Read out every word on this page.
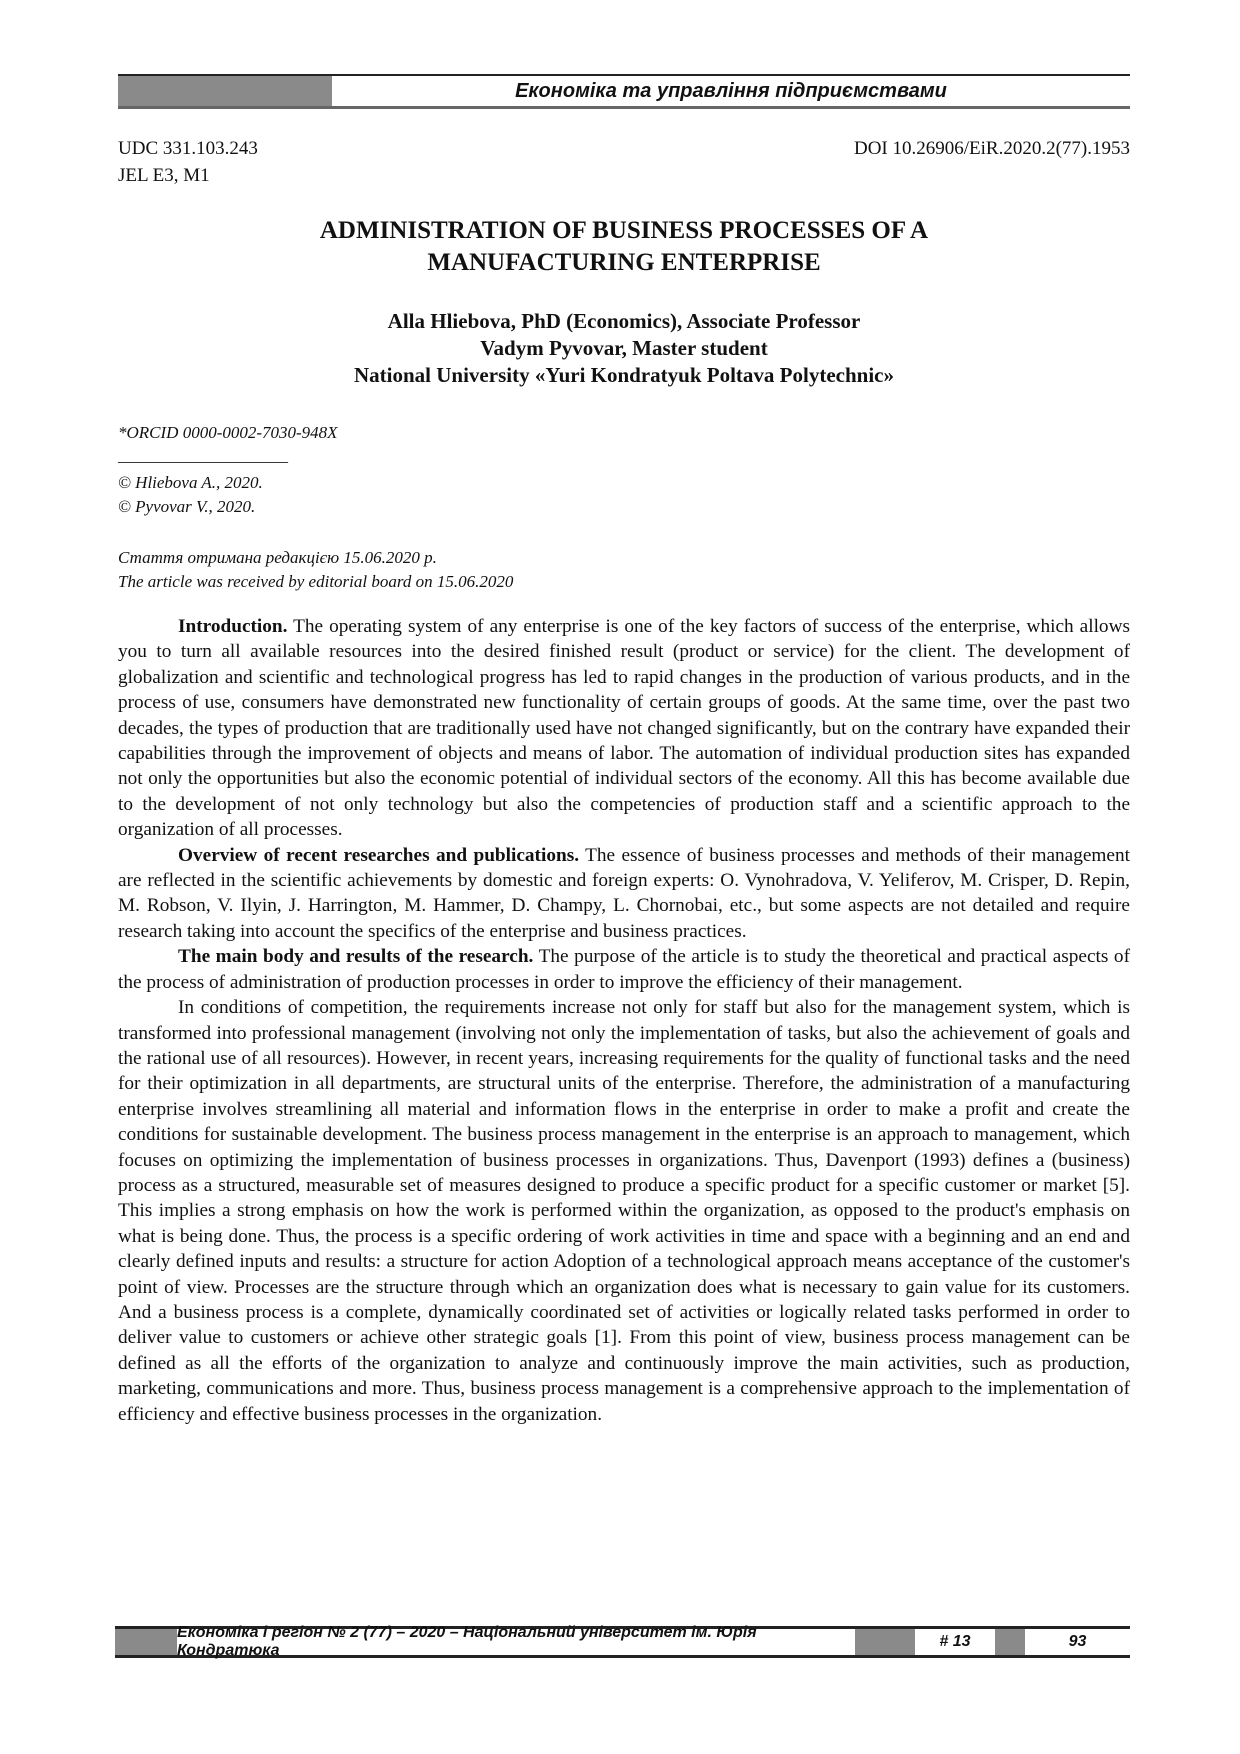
Економіка та управління підприємствами
UDC 331.103.243
JEL E3, M1
DOI 10.26906/EiR.2020.2(77).1953
ADMINISTRATION OF BUSINESS PROCESSES OF A
MANUFACTURING ENTERPRISE
Alla Hliebova, PhD (Economics), Associate Professor
Vadym Pyvovar, Master student
National University «Yuri Kondratyuk Poltava Polytechnic»
*ORCID 0000-0002-7030-948X
____________________
© Hliebova A., 2020.
© Pyvovar V., 2020.
Стаття отримана редакцією 15.06.2020 р.
The article was received by editorial board on 15.06.2020

Introduction. The operating system of any enterprise is one of the key factors of success of the enterprise, which allows you to turn all available resources into the desired finished result (product or service) for the client. The development of globalization and scientific and technological progress has led to rapid changes in the production of various products, and in the process of use, consumers have demonstrated new functionality of certain groups of goods. At the same time, over the past two decades, the types of production that are traditionally used have not changed significantly, but on the contrary have expanded their capabilities through the improvement of objects and means of labor. The automation of individual production sites has expanded not only the opportunities but also the economic potential of individual sectors of the economy. All this has become available due to the development of not only technology but also the competencies of production staff and a scientific approach to the organization of all processes.

Overview of recent researches and publications. The essence of business processes and methods of their management are reflected in the scientific achievements by domestic and foreign experts: O. Vynohradova, V. Yeliferov, M. Crisper, D. Repin, M. Robson, V. Ilyin, J. Harrington, M. Hammer, D. Champy, L. Chornobai, etc., but some aspects are not detailed and require research taking into account the specifics of the enterprise and business practices.

The main body and results of the research. The purpose of the article is to study the theoretical and practical aspects of the process of administration of production processes in order to improve the efficiency of their management.

In conditions of competition, the requirements increase not only for staff but also for the management system, which is transformed into professional management (involving not only the implementation of tasks, but also the achievement of goals and the rational use of all resources). However, in recent years, increasing requirements for the quality of functional tasks and the need for their optimization in all departments, are structural units of the enterprise. Therefore, the administration of a manufacturing enterprise involves streamlining all material and information flows in the enterprise in order to make a profit and create the conditions for sustainable development. The business process management in the enterprise is an approach to management, which focuses on optimizing the implementation of business processes in organizations. Thus, Davenport (1993) defines a (business) process as a structured, measurable set of measures designed to produce a specific product for a specific customer or market [5]. This implies a strong emphasis on how the work is performed within the organization, as opposed to the product's emphasis on what is being done. Thus, the process is a specific ordering of work activities in time and space with a beginning and an end and clearly defined inputs and results: a structure for action Adoption of a technological approach means acceptance of the customer's point of view. Processes are the structure through which an organization does what is necessary to gain value for its customers. And a business process is a complete, dynamically coordinated set of activities or logically related tasks performed in order to deliver value to customers or achieve other strategic goals [1]. From this point of view, business process management can be defined as all the efforts of the organization to analyze and continuously improve the main activities, such as production, marketing, communications and more. Thus, business process management is a comprehensive approach to the implementation of efficiency and effective business processes in the organization.

Економіка і регіон № 2 (77) – 2020 – Національний університет ім. Юрія Кондратюка
# 13	93
